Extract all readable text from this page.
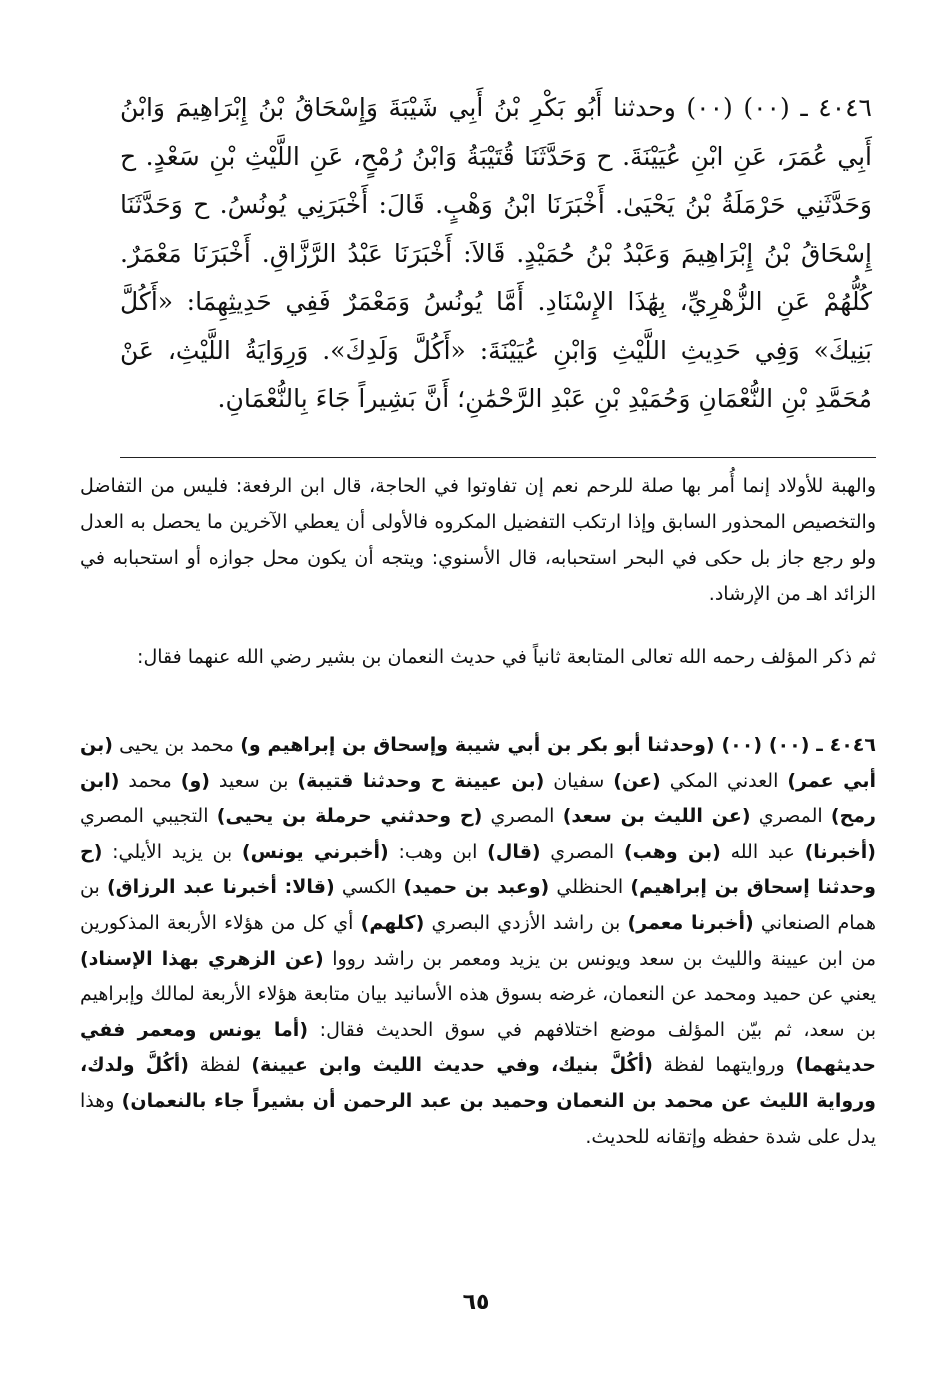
٤٠٤٦ ـ (٠٠) (٠٠) وحدثنا أَبُو بَكْرِ بْنُ أَبِي شَيْبَةَ وَإِسْحَاقُ بْنُ إِبْرَاهِيمَ وَابْنُ أَبِي عُمَرَ، عَنِ ابْنِ عُيَيْنَةَ. ح وَحَدَّثَنَا قُتَيْبَةُ وَابْنُ رُمْحٍ، عَنِ اللَّيْثِ بْنِ سَعْدٍ. ح وَحَدَّثَنِي حَرْمَلَةُ بْنُ يَحْيَىٰ. أَخْبَرَنَا ابْنُ وَهْبٍ. قَالَ: أَخْبَرَنِي يُونُسُ. ح وَحَدَّثَنَا إِسْحَاقُ بْنُ إِبْرَاهِيمَ وَعَبْدُ بْنُ حُمَيْدٍ. قَالاَ: أَخْبَرَنَا عَبْدُ الرَّزَّاقِ. أَخْبَرَنَا مَعْمَرٌ. كُلُّهُمْ عَنِ الزُّهْرِيِّ، بِهَٰذَا الإِسْنَادِ. أَمَّا يُونُسُ وَمَعْمَرٌ فَفِي حَدِيثِهِمَا: «أَكُلَّ بَنِيكَ» وَفِي حَدِيثِ اللَّيْثِ وَابْنِ عُيَيْنَةَ: «أَكُلَّ وَلَدِكَ». وَرِوَايَةُ اللَّيْثِ، عَنْ مُحَمَّدِ بْنِ النُّعْمَانِ وَحُمَيْدِ بْنِ عَبْدِ الرَّحْمَٰنِ؛ أَنَّ بَشِيراً جَاءَ بِالنُّعْمَانِ.

والهبة للأولاد إنما أُمر بها صلة للرحم نعم إن تفاوتوا في الحاجة، قال ابن الرفعة: فليس من التفاضل والتخصيص المحذور السابق وإذا ارتكب التفضيل المكروه فالأولى أن يعطي الآخرين ما يحصل به العدل ولو رجع جاز بل حكى في البحر استحبابه، قال الأسنوي: ويتجه أن يكون محل جوازه أو استحبابه في الزائد اهـ من الإرشاد.

ثم ذكر المؤلف رحمه الله تعالى المتابعة ثانياً في حديث النعمان بن بشير رضي الله عنهما فقال:

٤٠٤٦ ـ (٠٠) (٠٠) (وحدثنا أبو بكر بن أبي شيبة وإسحاق بن إبراهيم و) محمد بن يحيى (بن أبي عمر) العدني المكي (عن) سفيان (بن عيينة ح وحدثنا قتيبة) بن سعيد (و) محمد (ابن رمح) المصري (عن الليث بن سعد) المصري (ح وحدثني حرملة بن يحيى) التجيبي المصري (أخبرنا) عبد الله (بن وهب) المصري (قال) ابن وهب: (أخبرني يونس) بن يزيد الأيلي: (ح وحدثنا إسحاق بن إبراهيم) الحنظلي (وعبد بن حميد) الكسي (قالا: أخبرنا عبد الرزاق) بن همام الصنعاني (أخبرنا معمر) بن راشد الأزدي البصري (كلهم) أي كل من هؤلاء الأربعة المذكورين من ابن عيينة والليث بن سعد ويونس بن يزيد ومعمر بن راشد رووا (عن الزهري بهذا الإسناد) يعني عن حميد ومحمد عن النعمان، غرضه بسوق هذه الأسانيد بيان متابعة هؤلاء الأربعة لمالك وإبراهيم بن سعد، ثم بيّن المؤلف موضع اختلافهم في سوق الحديث فقال: (أما يونس ومعمر ففي حديثهما) وروايتهما لفظة (أكُلَّ بنيك، وفي حديث الليث وابن عيينة) لفظة (أكُلَّ ولدك، ورواية الليث عن محمد بن النعمان وحميد بن عبد الرحمن أن بشيراً جاء بالنعمان) وهذا يدل على شدة حفظه وإتقانه للحديث.

٦٥
